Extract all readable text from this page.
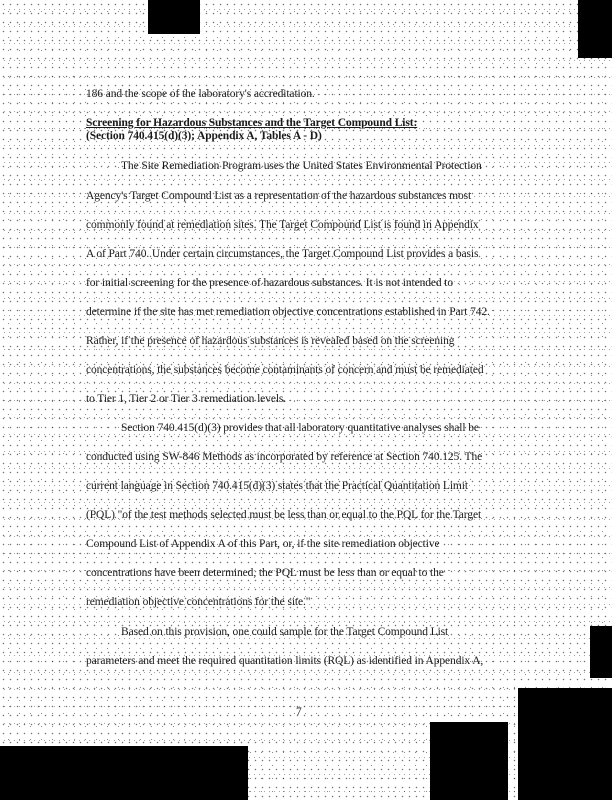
186 and the scope of the laboratory's accreditation.
Screening for Hazardous Substances and the Target Compound List:
(Section 740.415(d)(3); Appendix A, Tables A - D)
The Site Remediation Program uses the United States Environmental Protection
Agency's Target Compound List as a representation of the hazardous substances most
commonly found at remediation sites. The Target Compound List is found in Appendix
A of Part 740. Under certain circumstances, the Target Compound List provides a basis
for initial screening for the presence of hazardous substances. It is not intended to
determine if the site has met remediation objective concentrations established in Part 742.
Rather, if the presence of hazardous substances is revealed based on the screening
concentrations, the substances become contaminants of concern and must be remediated
to Tier 1, Tier 2 or Tier 3 remediation levels.
Section 740.415(d)(3) provides that all laboratory quantitative analyses shall be
conducted using SW-846 Methods as incorporated by reference at Section 740.125. The
current language in Section 740.415(d)(3) states that the Practical Quantitation Limit
(PQL) "of the test methods selected must be less than or equal to the PQL for the Target
Compound List of Appendix A of this Part, or, if the site remediation objective
concentrations have been determined, the PQL must be less than or equal to the
remediation objective concentrations for the site."
Based on this provision, one could sample for the Target Compound List
parameters and meet the required quantitation limits (RQL) as identified in Appendix A,
7
